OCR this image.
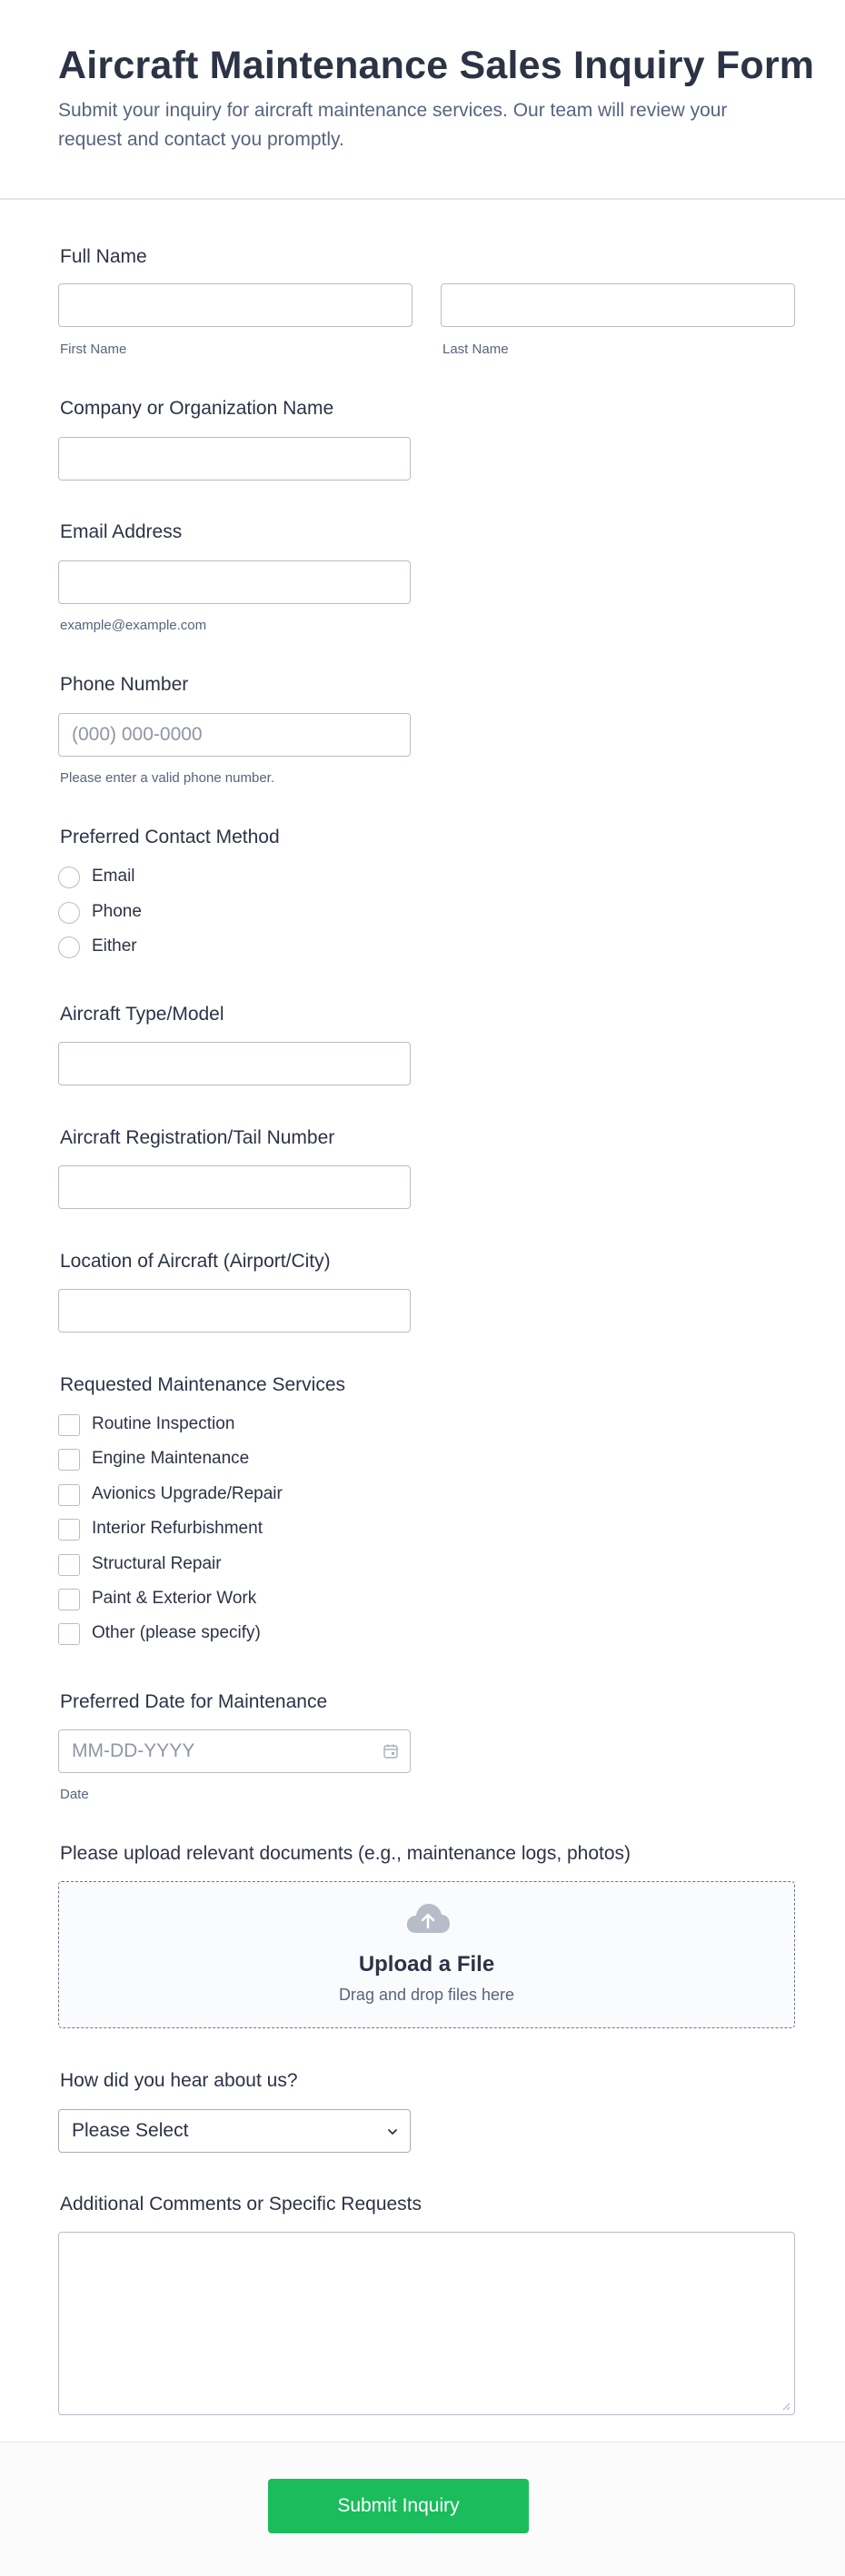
Aircraft Maintenance Sales Inquiry Form

Submit your inquiry for aircraft maintenance services. Our team will review your request and contact you promptly.

Full Name
First Name	Last Name
Company or Organization Name
Email Address
example@example.com
Phone Number
(000) 000-0000
Please enter a valid phone number.
Preferred Contact Method
Email
Phone
Either
Aircraft Type/Model
Aircraft Registration/Tail Number
Location of Aircraft (Airport/City)
Requested Maintenance Services
Routine Inspection
Engine Maintenance
Avionics Upgrade/Repair
Interior Refurbishment
Structural Repair
Paint & Exterior Work
Other (please specify)
Preferred Date for Maintenance
MM-DD-YYYY
Date
Please upload relevant documents (e.g., maintenance logs, photos)
Upload a File
Drag and drop files here
How did you hear about us?
Please Select
Additional Comments or Specific Requests
Submit Inquiry
